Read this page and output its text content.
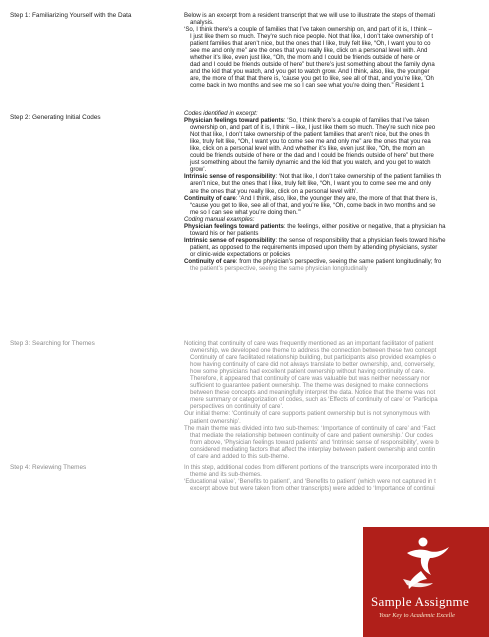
Step 1: Familiarizing Yourself with the Data
Step 2: Generating Initial Codes
Step 3: Searching for Themes
Step 4: Reviewing Themes
Below is an excerpt from a resident transcript that we will use to illustrate the steps of themati
analysis.
‘So, I think there’s a couple of families that I’ve taken ownership on, and part of it is, I think –
I just like them so much. They’re such nice people. Not that like, I don’t take ownership of t
patient families that aren’t nice, but the ones that I like, truly felt like, “Oh, I want you to co
see me and only me” are the ones that you really like, click on a personal level with. And
whether it’s like, even just like, “Oh, the mom and I could be friends outside of here or
dad and I could be friends outside of here” but there’s just something about the family dyna
and the kid that you watch, and you get to watch grow. And I think, also, like, the younger
are, the more of that that there is, ‘cause you get to like, see all of that, and you’re like, ‘Oh
come back in two months and see me so I can see what you’re doing then.” Resident 1
Codes identified in excerpt:
Physician feelings toward patients: ‘So, I think there’s a couple of families that I’ve taken
ownership on, and part of it is, I think – like, I just like them so much. They’re such nice peo
Not that like, I don’t take ownership of the patient families that aren’t nice, but the ones th
like, truly felt like, “Oh, I want you to come see me and only me” are the ones that you rea
like, click on a personal level with. And whether it’s like, even just like, “Oh, the mom an
could be friends outside of here or the dad and I could be friends outside of here” but there
just something about the family dynamic and the kid that you watch, and you get to watch
grow’.
Intrinsic sense of responsibility: ‘Not that like, I don’t take ownership of the patient families th
aren’t nice, but the ones that I like, truly felt like, “Oh, I want you to come see me and only
are the ones that you really like, click on a personal level with’.
Continuity of care: ‘And I think, also, like, the younger they are, the more of that that there is,
“cause you get to like, see all of that, and you’re like, “Oh, come back in two months and se
me so I can see what you’re doing then.”’
Coding manual examples:
Physician feelings toward patients: the feelings, either positive or negative, that a physician ha
toward his or her patients
Intrinsic sense of responsibility: the sense of responsibility that a physician feels toward his/he
patient, as opposed to the requirements imposed upon them by attending physicians, syster
or clinic-wide expectations or policies
Continuity of care: from the physician’s perspective, seeing the same patient longitudinally; fro
the patient’s perspective, seeing the same physician longitudinally
Noticing that continuity of care was frequently mentioned as an important facilitator of patient
ownership, we developed one theme to address the connection between these two concept
Continuity of care facilitated relationship building, but participants also provided examples o
how having continuity of care did not always translate to better ownership, and, conversely,
how some physicians had excellent patient ownership without having continuity of care.
Therefore, it appeared that continuity of care was valuable but was neither necessary nor
sufficient to guarantee patient ownership. The theme was designed to make connections
between these concepts and meaningfully interpret the data. Notice that the theme was not
mere summary or categorization of codes, such as ‘Effects of continuity of care’ or ‘Participa
perspectives on continuity of care’.
Our initial theme: ‘Continuity of care supports patient ownership but is not synonymous with
patient ownership’.
The main theme was divided into two sub-themes: ‘Importance of continuity of care’ and ‘Fact
that mediate the relationship between continuity of care and patient ownership.’ Our codes
from above, ‘Physician feelings toward patients’ and ‘Intrinsic sense of responsibility’, were b
considered mediating factors that affect the interplay between patient ownership and contin
of care and added to this sub-theme.
In this step, additional codes from different portions of the transcripts were incorporated into th
theme and its sub-themes.
‘Educational value’, ‘Benefits to patient’, and ‘Benefits to patient’ (which were not captured in t
excerpt above but were taken from other transcripts) were added to ‘Importance of continui
Sample Assignme
Your Key to Academic Excelle
